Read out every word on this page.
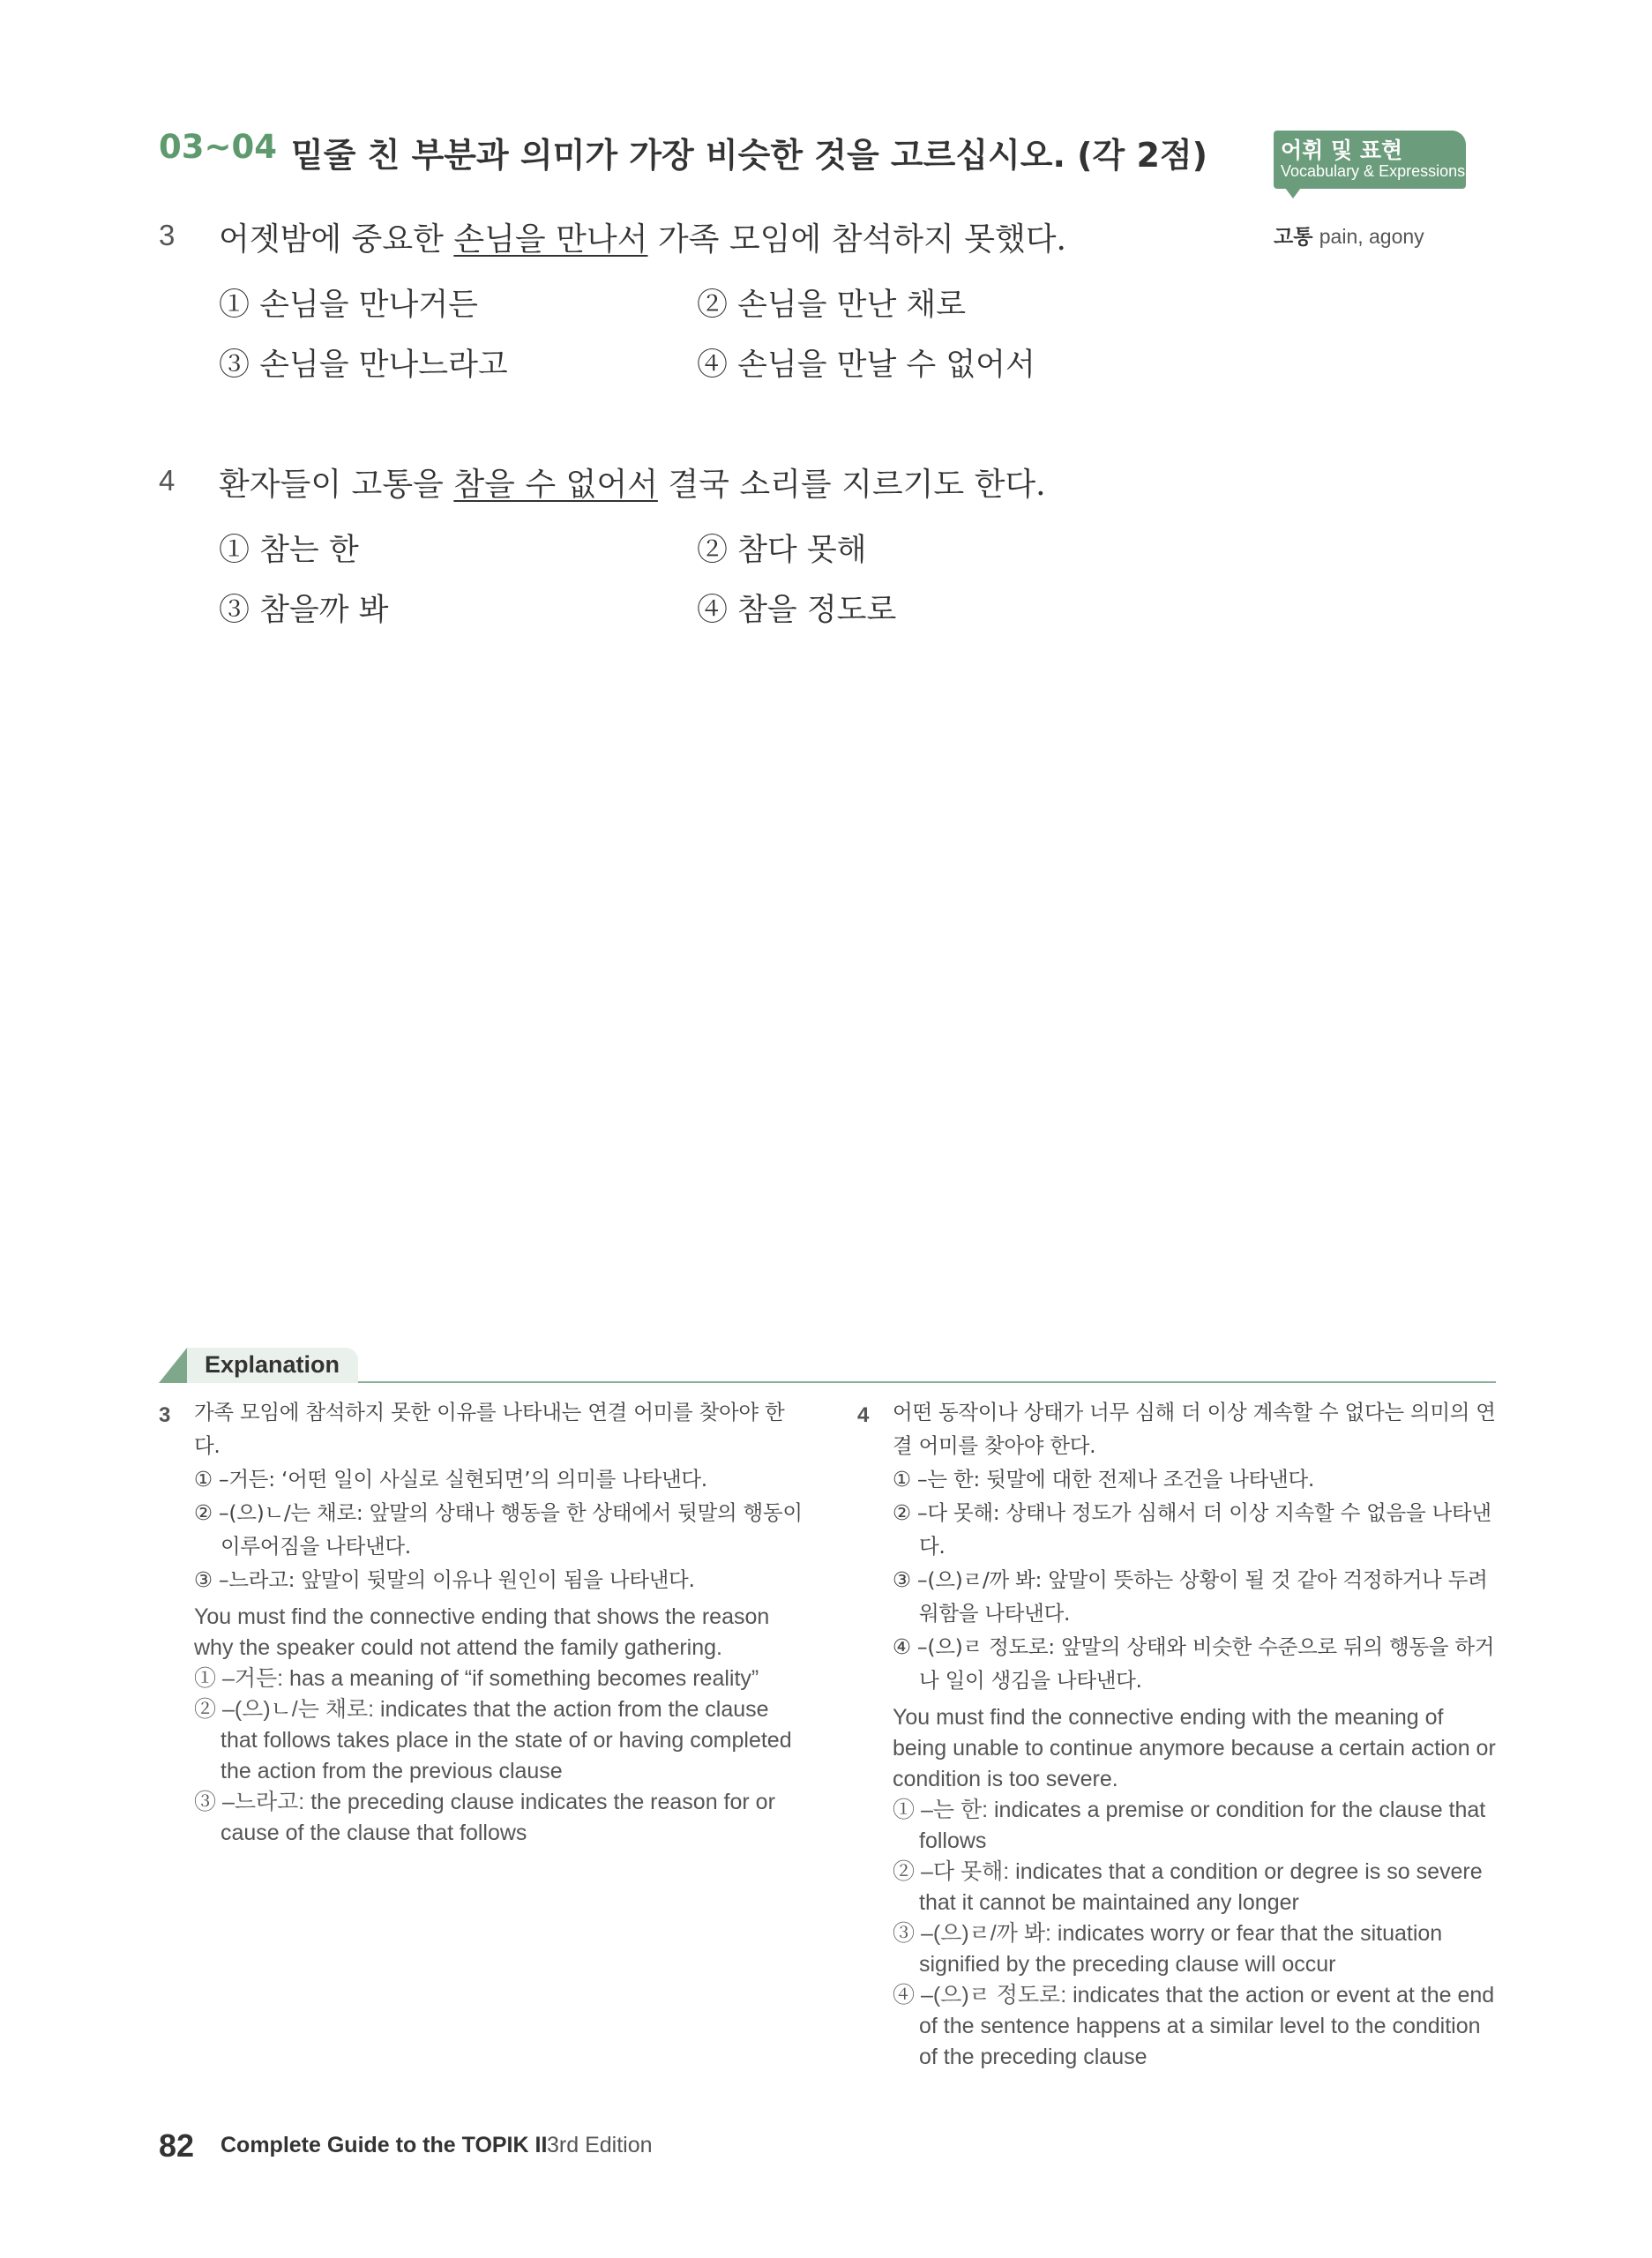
03~04 밑줄 친 부분과 의미가 가장 비슷한 것을 고르십시오. (각 2점)	어휘 및 표현
Vocabulary & Expressions
고통 pain, agony
3 어젯밤에 중요한 손님을 만나서 가족 모임에 참석하지 못했다.
① 손님을 만나거든	② 손님을 만난 채로
③ 손님을 만나느라고	④ 손님을 만날 수 없어서
4 환자들이 고통을 참을 수 없어서 결국 소리를 지르기도 한다.
① 참는 한	② 참다 못해
③ 참을까 봐	④ 참을 정도로
Explanation
3 가족 모임에 참석하지 못한 이유를 나타내는 연결 어미를 찾아야 한다.

① –거든: ‘어떤 일이 사실로 실현되면’의 의미를 나타낸다.

② –(으)ㄴ/는 채로: 앞말의 상태나 행동을 한 상태에서 뒷말의 행동이 이루어짐을 나타낸다.

③ –느라고: 앞말이 뒷말의 이유나 원인이 됨을 나타낸다.

You must find the connective ending that shows the reason why the speaker could not attend the family gathering.

① –거든: has a meaning of “if something becomes reality”

② –(으)ㄴ/는 채로: indicates that the action from the clause that follows takes place in the state of or having completed the action from the previous clause

③ –느라고: the preceding clause indicates the reason for or cause of the clause that follows

4 어떤 동작이나 상태가 너무 심해 더 이상 계속할 수 없다는 의미의 연결 어미를 찾아야 한다.

① –는 한: 뒷말에 대한 전제나 조건을 나타낸다.

② –다 못해: 상태나 정도가 심해서 더 이상 지속할 수 없음을 나타낸다.

③ –(으)ㄹ/까 봐: 앞말이 뜻하는 상황이 될 것 같아 걱정하거나 두려워함을 나타낸다.

④ –(으)ㄹ 정도로: 앞말의 상태와 비슷한 수준으로 뒤의 행동을 하거나 일이 생김을 나타낸다.

You must find the connective ending with the meaning of being unable to continue anymore because a certain action or condition is too severe.

① –는 한: indicates a premise or condition for the clause that follows

② –다 못해: indicates that a condition or degree is so severe that it cannot be maintained any longer

③ –(으)ㄹ/까 봐: indicates worry or fear that the situation signified by the preceding clause will occur

④ –(으)ㄹ 정도로: indicates that the action or event at the end of the sentence happens at a similar level to the condition of the preceding clause

82 Complete Guide to the TOPIK II 3rd Edition
